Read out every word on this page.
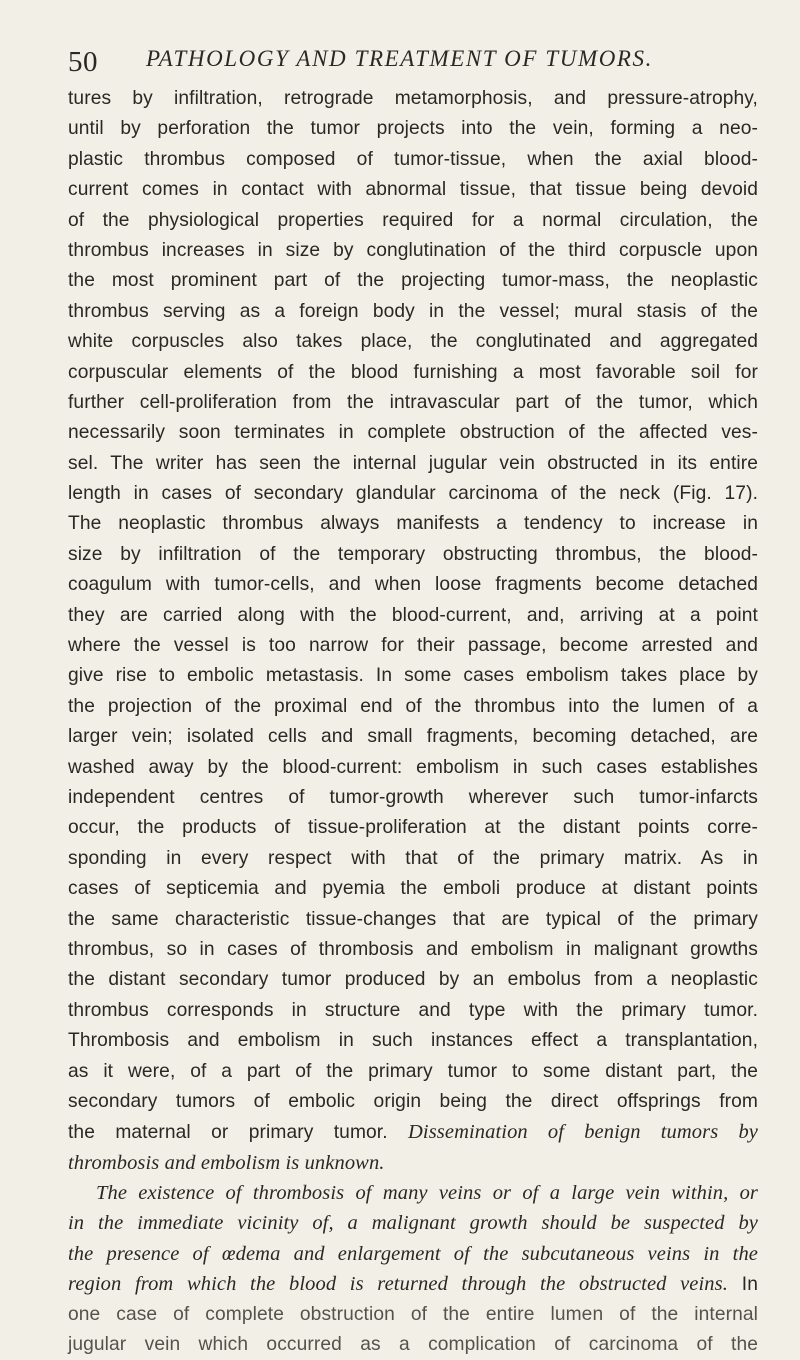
50 PATHOLOGY AND TREATMENT OF TUMORS.
tures by infiltration, retrograde metamorphosis, and pressure-atrophy,
until by perforation the tumor projects into the vein, forming a neo-
plastic thrombus composed of tumor-tissue, when the axial blood-
current comes in contact with abnormal tissue, that tissue being devoid
of the physiological properties required for a normal circulation, the
thrombus increases in size by conglutination of the third corpuscle upon
the most prominent part of the projecting tumor-mass, the neoplastic
thrombus serving as a foreign body in the vessel; mural stasis of the
white corpuscles also takes place, the conglutinated and aggregated
corpuscular elements of the blood furnishing a most favorable soil for
further cell-proliferation from the intravascular part of the tumor, which
necessarily soon terminates in complete obstruction of the affected ves-
sel. The writer has seen the internal jugular vein obstructed in its entire
length in cases of secondary glandular carcinoma of the neck (Fig. 17).
The neoplastic thrombus always manifests a tendency to increase in
size by infiltration of the temporary obstructing thrombus, the blood-
coagulum with tumor-cells, and when loose fragments become detached
they are carried along with the blood-current, and, arriving at a point
where the vessel is too narrow for their passage, become arrested and
give rise to embolic metastasis. In some cases embolism takes place by
the projection of the proximal end of the thrombus into the lumen of a
larger vein; isolated cells and small fragments, becoming detached, are
washed away by the blood-current: embolism in such cases establishes
independent centres of tumor-growth wherever such tumor-infarcts
occur, the products of tissue-proliferation at the distant points corre-
sponding in every respect with that of the primary matrix. As in
cases of septicemia and pyemia the emboli produce at distant points
the same characteristic tissue-changes that are typical of the primary
thrombus, so in cases of thrombosis and embolism in malignant growths
the distant secondary tumor produced by an embolus from a neoplastic
thrombus corresponds in structure and type with the primary tumor.
Thrombosis and embolism in such instances effect a transplantation,
as it were, of a part of the primary tumor to some distant part, the
secondary tumors of embolic origin being the direct offsprings from
the maternal or primary tumor. Dissemination of benign tumors by
thrombosis and embolism is unknown.
The existence of thrombosis of many veins or of a large vein within, or
in the immediate vicinity of, a malignant growth should be suspected by
the presence of œdema and enlargement of the subcutaneous veins in the
region from which the blood is returned through the obstructed veins. In
one case of complete obstruction of the entire lumen of the internal
jugular vein which occurred as a complication of carcinoma of the
